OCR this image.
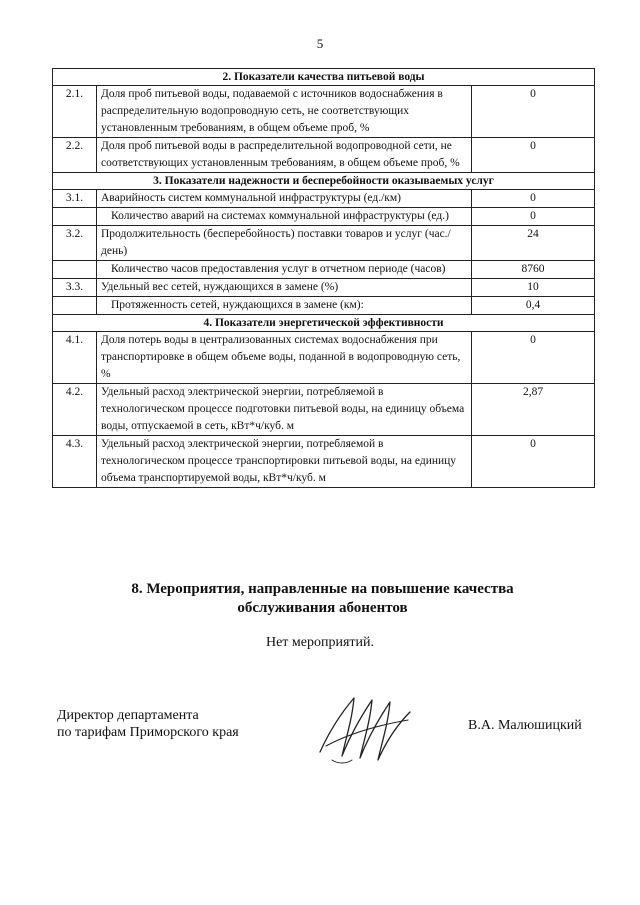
5
2. Показатели качества питьевой воды		
2.1.	Доля проб питьевой воды, подаваемой с источников водоснабжения в распределительную водопроводную сеть, не соответствующих установленным требованиям, в общем объеме проб, %	0
2.2.	Доля проб питьевой воды в распределительной водопроводной сети, не соответствующих установленным требованиям, в общем объеме проб, %	0
3. Показатели надежности и бесперебойности оказываемых услуг		
3.1.	Аварийность систем коммунальной инфраструктуры (ед./км)	0
	Количество аварий на системах коммунальной инфраструктуры (ед.)	0
3.2.	Продолжительность (бесперебойность) поставки товаров и услуг (час./день)	24
	Количество часов предоставления услуг в отчетном периоде (часов)	8760
3.3.	Удельный вес сетей, нуждающихся в замене (%)	10
	Протяженность сетей, нуждающихся в замене (км):	0,4
4. Показатели энергетической эффективности		
4.1.	Доля потерь воды в централизованных системах водоснабжения при транспортировке в общем объеме воды, поданной в водопроводную сеть, %	0
4.2.	Удельный расход электрической энергии, потребляемой в технологическом процессе подготовки питьевой воды, на единицу объема воды, отпускаемой в сеть, кВт*ч/куб. м	2,87
4.3.	Удельный расход электрической энергии, потребляемой в технологическом процессе транспортировки питьевой воды, на единицу объема транспортируемой воды, кВт*ч/куб. м	0
8. Мероприятия, направленные на повышение качества
обслуживания абонентов
Нет мероприятий.
Директор департамента
по тарифам Приморского края	В.А. Малюшицкий
